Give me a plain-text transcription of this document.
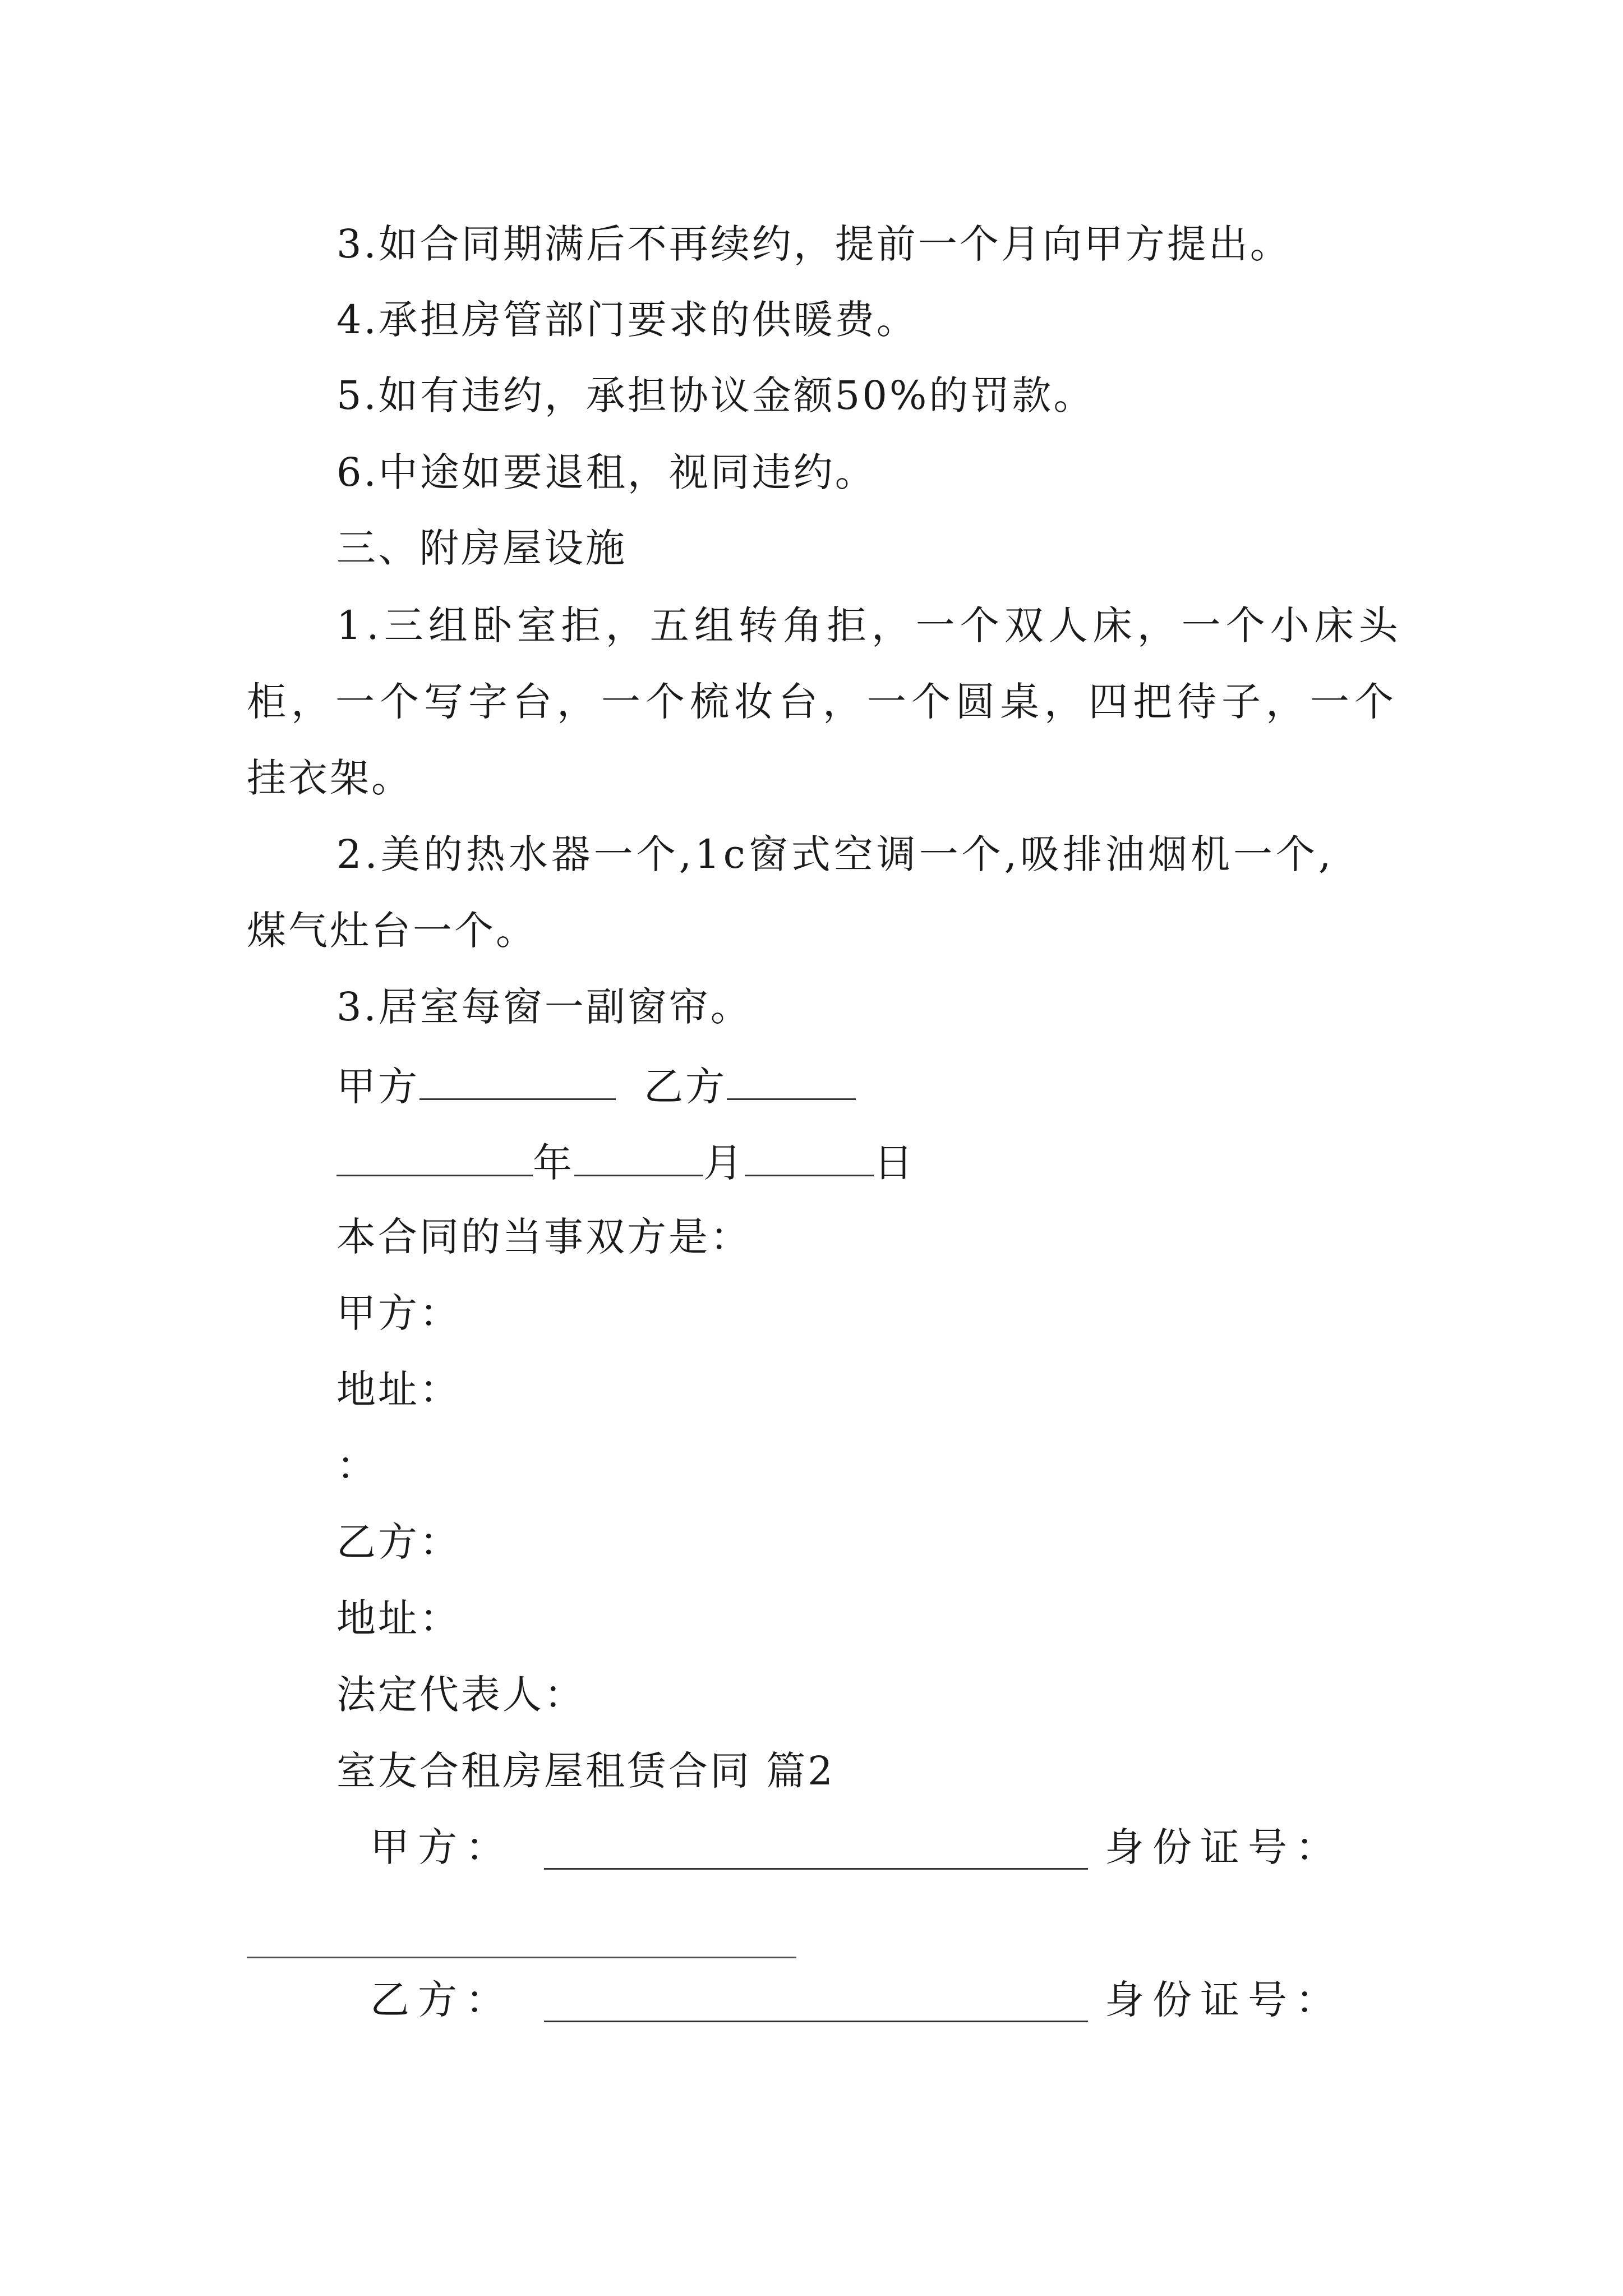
3.如合同期满后不再续约，提前一个月向甲方提出。
4.承担房管部门要求的供暖费。
5.如有违约，承担协议金额50%的罚款。
6.中途如要退租，视同违约。
三、附房屋设施
1.三组卧室拒，五组转角拒，一个双人床，一个小床头
柜，一个写字台，一个梳妆台，一个圆桌，四把待子，一个
挂衣架。
2.美的热水器一个,1c窗式空调一个,吸排油烟机一个,
煤气灶台一个。
3.居室每窗一副窗帘。
甲方	乙方
年	月	日
本合同的当事双方是：
甲方：
地址：
：
乙方：
地址：
法定代表人：
室友合租房屋租赁合同 篇2
甲方：	身份证号：
乙方：	身份证号：
